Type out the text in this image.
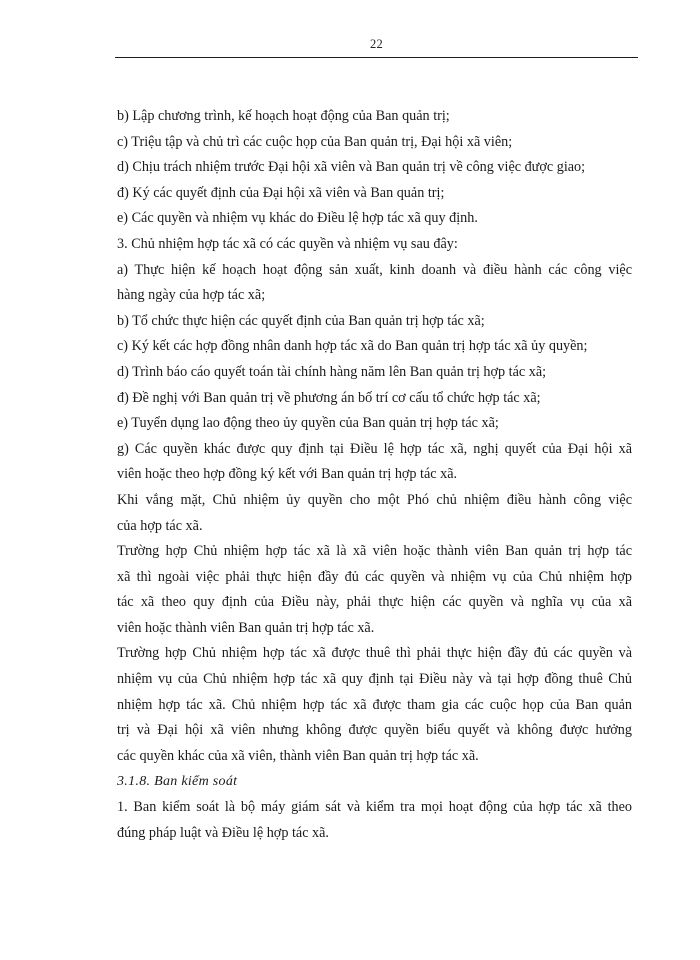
22

b) Lập chương trình, kế hoạch hoạt động của Ban quản trị;

c) Triệu tập và chủ trì các cuộc họp của Ban quản trị, Đại hội xã viên;

d) Chịu trách nhiệm trước Đại hội xã viên và Ban quản trị về công việc được giao;

đ) Ký các quyết định của Đại hội xã viên và Ban quản trị;

e) Các quyền và nhiệm vụ khác do Điều lệ hợp tác xã quy định.

3. Chủ nhiệm hợp tác xã có các quyền và nhiệm vụ sau đây:

a) Thực hiện kế hoạch hoạt động sản xuất, kinh doanh và điều hành các công việc

hàng ngày của hợp tác xã;

b) Tổ chức thực hiện các quyết định của Ban quản trị hợp tác xã;

c) Ký kết các hợp đồng nhân danh hợp tác xã do Ban quản trị hợp tác xã ủy quyền;

d) Trình báo cáo quyết toán tài chính hàng năm lên Ban quản trị hợp tác xã;

đ) Đề nghị với Ban quản trị về phương án bố trí cơ cấu tổ chức hợp tác xã;

e) Tuyển dụng lao động theo ủy quyền của Ban quản trị hợp tác xã;

g) Các quyền khác được quy định tại Điều lệ hợp tác xã, nghị quyết của Đại hội xã

viên hoặc theo hợp đồng ký kết với Ban quản trị hợp tác xã.

Khi vắng mặt, Chủ nhiệm ủy quyền cho một Phó chủ nhiệm điều hành công việc

của hợp tác xã.

Trường hợp Chủ nhiệm hợp tác xã là xã viên hoặc thành viên Ban quản trị hợp tác

xã thì ngoài việc phải thực hiện đầy đủ các quyền và nhiệm vụ của Chủ nhiệm hợp

tác xã theo quy định của Điều này, phải thực hiện các quyền và nghĩa vụ của xã

viên hoặc thành viên Ban quản trị hợp tác xã.

Trường hợp Chủ nhiệm hợp tác xã được thuê thì phải thực hiện đầy đủ các quyền và

nhiệm vụ của Chủ nhiệm hợp tác xã quy định tại Điều này và tại hợp đồng thuê Chủ

nhiệm hợp tác xã. Chủ nhiệm hợp tác xã được tham gia các cuộc họp của Ban quản

trị và Đại hội xã viên nhưng không được quyền biểu quyết và không được hưởng

các quyền khác của xã viên, thành viên Ban quản trị hợp tác xã.

3.1.8. Ban kiểm soát

1. Ban kiểm soát là bộ máy giám sát và kiểm tra mọi hoạt động của hợp tác xã theo

đúng pháp luật và Điều lệ hợp tác xã.
